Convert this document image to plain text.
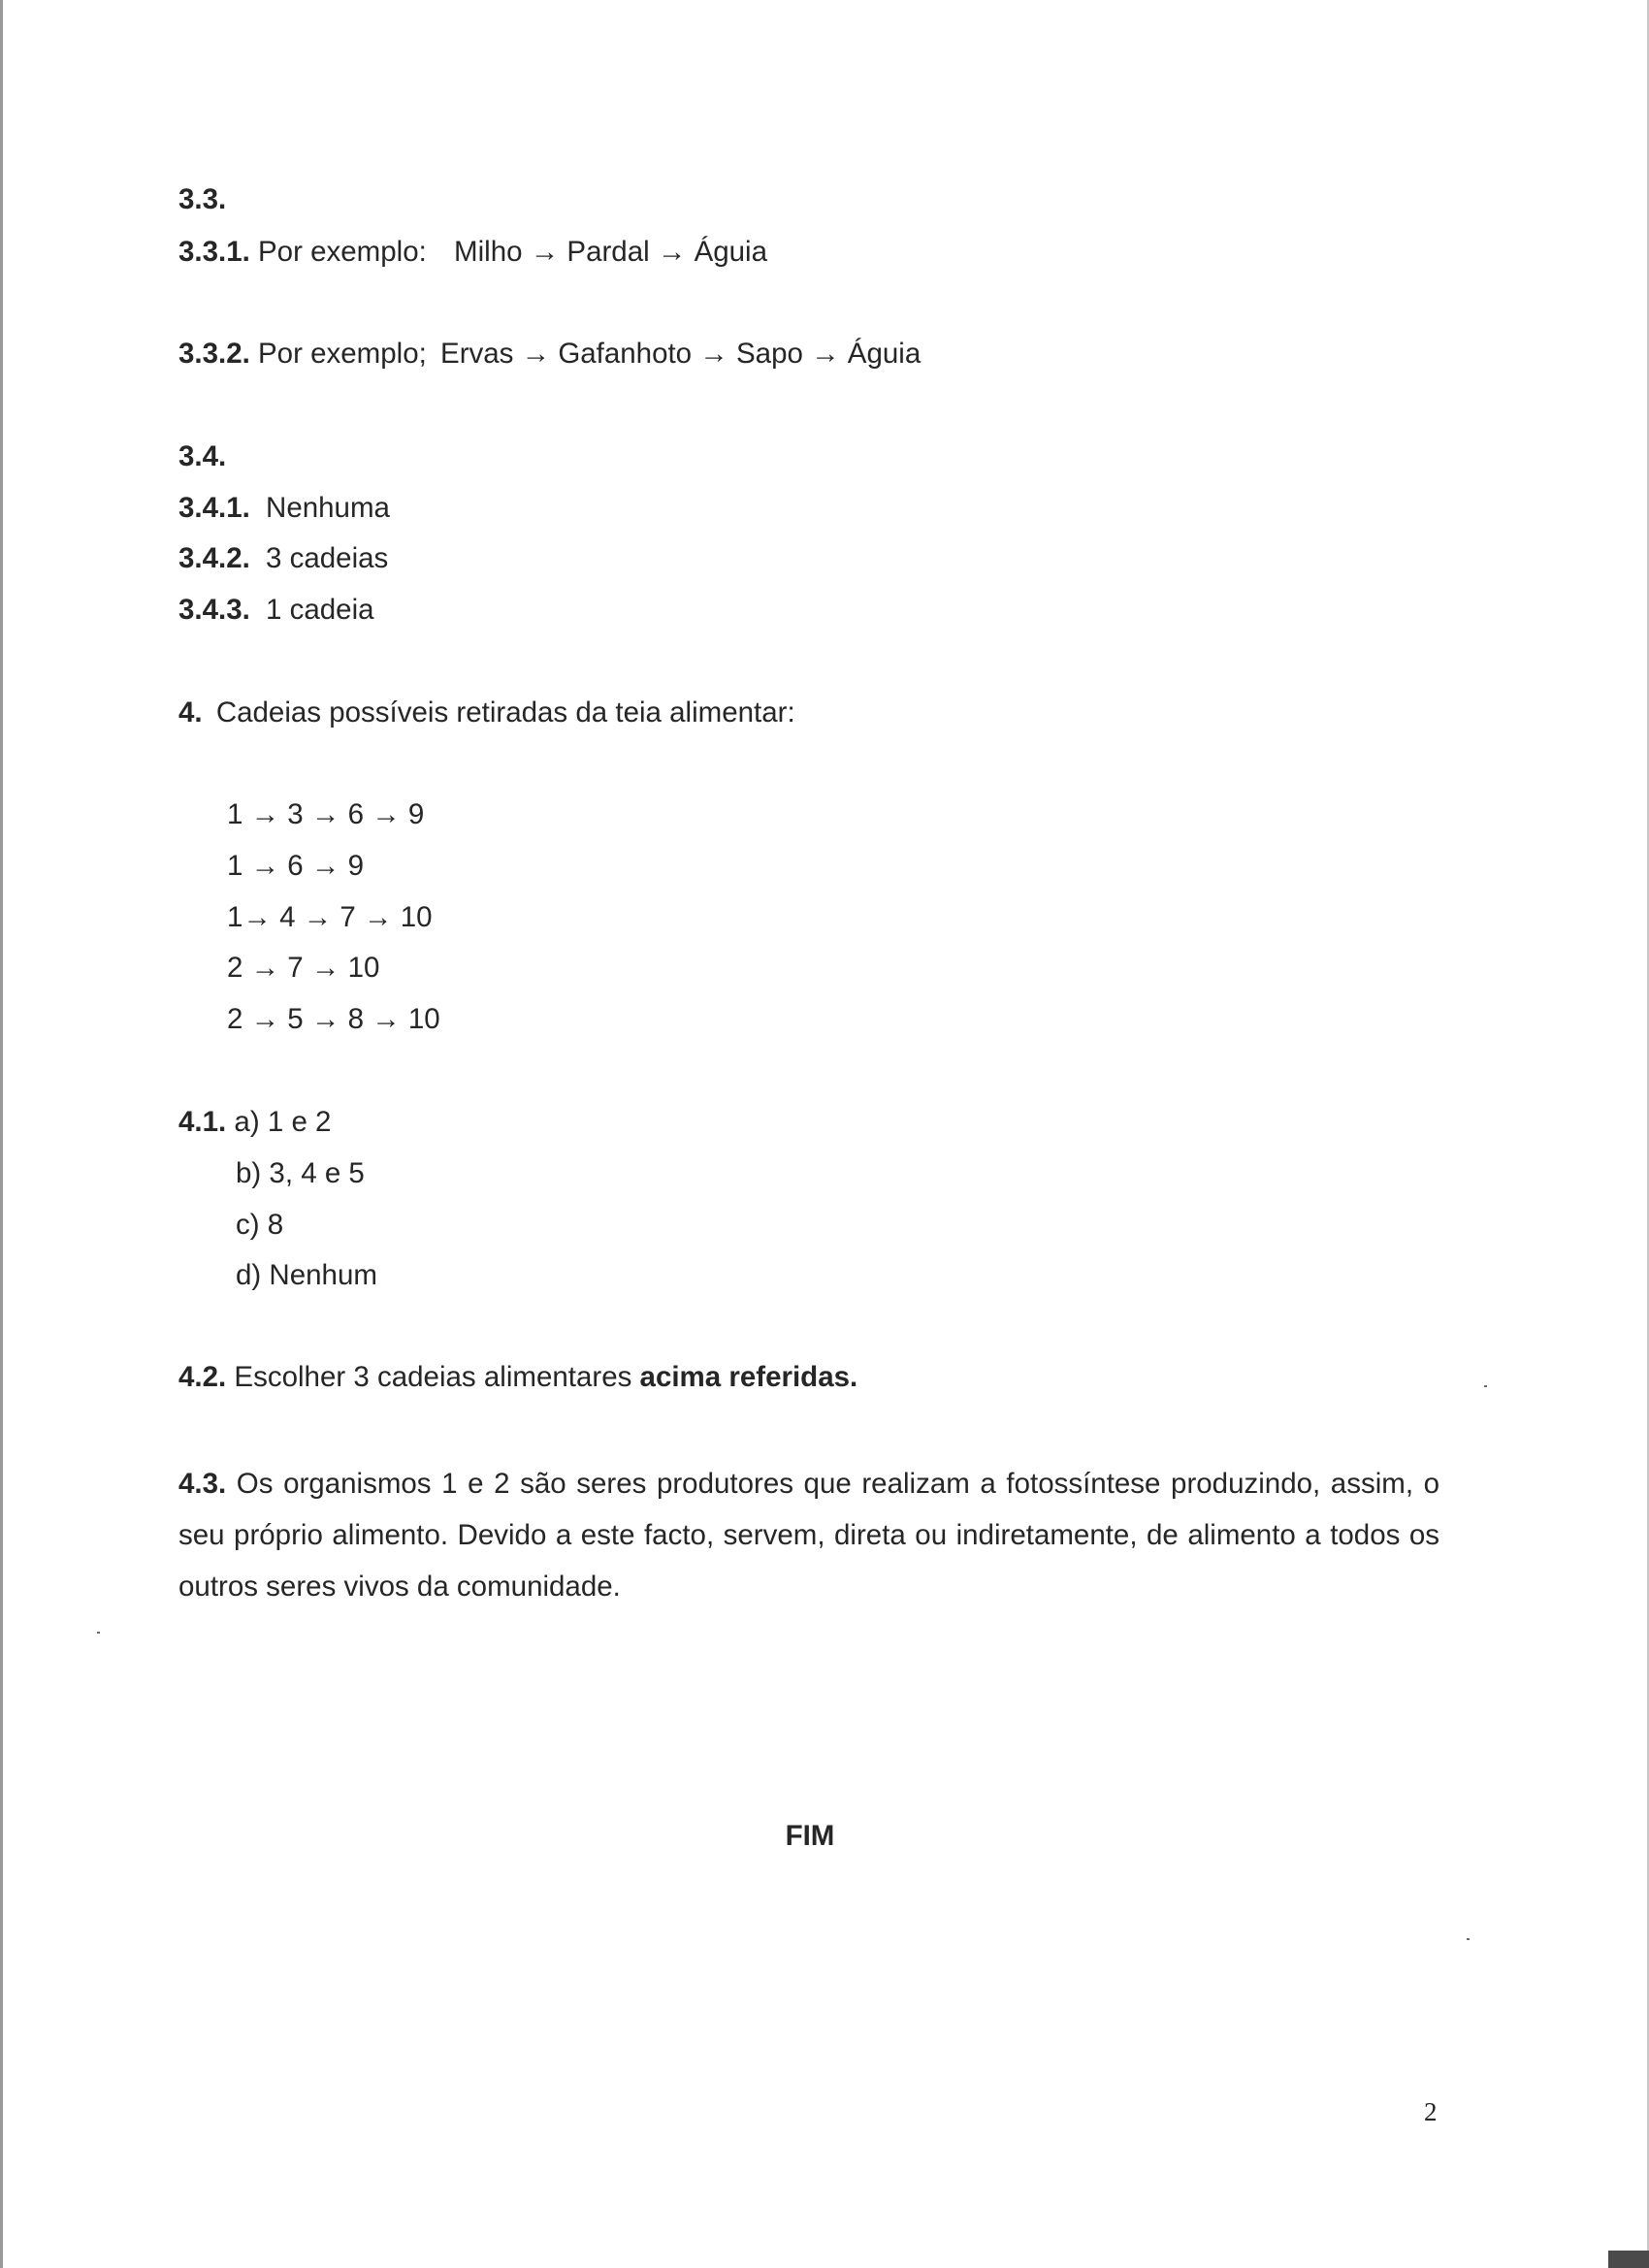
3.3.
3.3.1. Por exemplo: Milho → Pardal → Águia
3.3.2. Por exemplo; Ervas → Gafanhoto → Sapo → Águia
3.4.
3.4.1. Nenhuma
3.4.2. 3 cadeias
3.4.3. 1 cadeia
4. Cadeias possíveis retiradas da teia alimentar:
1 → 3 → 6 → 9
1 → 6 → 9
1→ 4 → 7 → 10
2 → 7 → 10
2 → 5 → 8 → 10
4.1. a) 1 e 2
b) 3, 4 e 5
c) 8
d) Nenhum
4.2. Escolher 3 cadeias alimentares acima referidas.
4.3. Os organismos 1 e 2 são seres produtores que realizam a fotossíntese produzindo, assim, o seu próprio alimento. Devido a este facto, servem, direta ou indiretamente, de alimento a todos os outros seres vivos da comunidade.
FIM
2
